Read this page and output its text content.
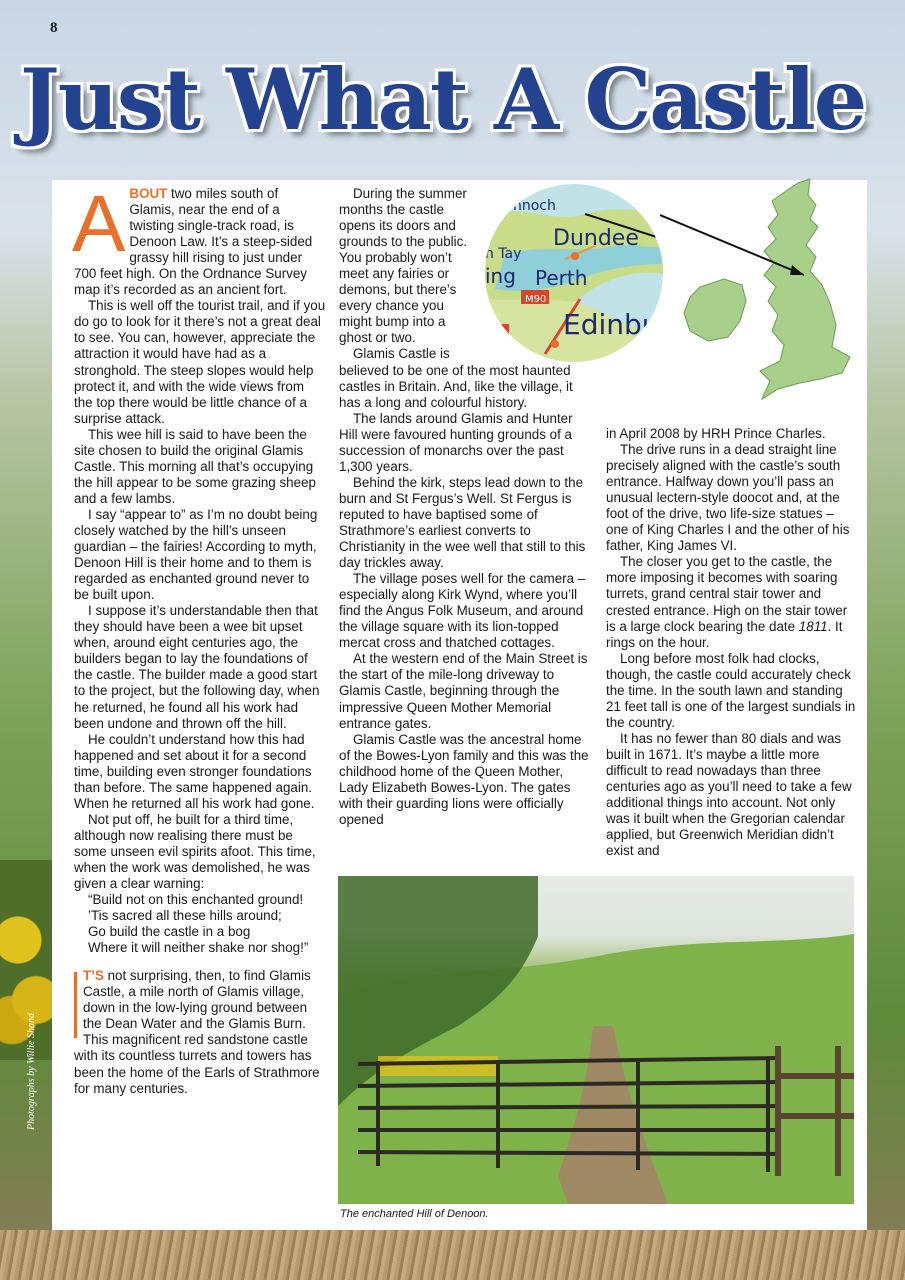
8
Just What A Castle

ABOUT two miles south of Glamis, near the end of a twisting single-track road, is Denoon Law. It’s a steep-sided grassy hill rising to just under 700 feet high. On the Ordnance Survey map it’s recorded as an ancient fort.

This is well off the tourist trail, and if you do go to look for it there’s not a great deal to see. You can, however, appreciate the attraction it would have had as a stronghold. The steep slopes would help protect it, and with the wide views from the top there would be little chance of a surprise attack.

This wee hill is said to have been the site chosen to build the original Glamis Castle. This morning all that’s occupying the hill appear to be some grazing sheep and a few lambs.

I say “appear to” as I’m no doubt being closely watched by the hill’s unseen guardian – the fairies! According to myth, Denoon Hill is their home and to them is regarded as enchanted ground never to be built upon.

I suppose it’s understandable then that they should have been a wee bit upset when, around eight centuries ago, the builders began to lay the foundations of the castle. The builder made a good start to the project, but the following day, when he returned, he found all his work had been undone and thrown off the hill.

He couldn’t understand how this had happened and set about it for a second time, building even stronger foundations than before. The same happened again. When he returned all his work had gone.

Not put off, he built for a third time, although now realising there must be some unseen evil spirits afoot. This time, when the work was demolished, he was given a clear warning:

“Build not on this enchanted ground!

’Tis sacred all these hills around;

Go build the castle in a bog

Where it will neither shake nor shog!”

T’S not surprising, then, to find Glamis Castle, a mile north of Glamis village, down in the low-lying ground between the Dean Water and the Glamis Burn. This magnificent red sandstone castle with its countless turrets and towers has been the home of the Earls of Strathmore for many centuries.

During the summer months the castle opens its doors and grounds to the public. You probably won’t meet any fairies or demons, but there’s every chance you might bump into a ghost or two.

Glamis Castle is believed to be one of the most haunted castles in Britain. And, like the village, it has a long and colourful history.

The lands around Glamis and Hunter Hill were favoured hunting grounds of a succession of monarchs over the past 1,300 years.

Behind the kirk, steps lead down to the burn and St Fergus’s Well. St Fergus is reputed to have baptised some of Strathmore’s earliest converts to Christianity in the wee well that still to this day trickles away.

The village poses well for the camera – especially along Kirk Wynd, where you’ll find the Angus Folk Museum, and around the village square with its lion-topped mercat cross and thatched cottages.

At the western end of the Main Street is the start of the mile-long driveway to Glamis Castle, beginning through the impressive Queen Mother Memorial entrance gates.

Glamis Castle was the ancestral home of the Bowes-Lyon family and this was the childhood home of the Queen Mother, Lady Elizabeth Bowes-Lyon. The gates with their guarding lions were officially opened

in April 2008 by HRH Prince Charles.

The drive runs in a dead straight line precisely aligned with the castle’s south entrance. Halfway down you’ll pass an unusual lectern-style doocot and, at the foot of the drive, two life-size statues – one of King Charles I and the other of his father, King James VI.

The closer you get to the castle, the more imposing it becomes with soaring turrets, grand central stair tower and crested entrance. High on the stair tower is a large clock bearing the date 1811. It rings on the hour.

Long before most folk had clocks, though, the castle could accurately check the time. In the south lawn and standing 21 feet tall is one of the largest sundials in the country.

It has no fewer than 80 dials and was built in 1671. It’s maybe a little more difficult to read nowadays than three centuries ago as you’ll need to take a few additional things into account. Not only was it built when the Gregorian calendar applied, but Greenwich Meridian didn’t exist and

nnoch
Dundee
h Tay
ing Perth
M90
Edinbu
M9
The enchanted Hill of Denoon.
Photographs by Willie Shand
